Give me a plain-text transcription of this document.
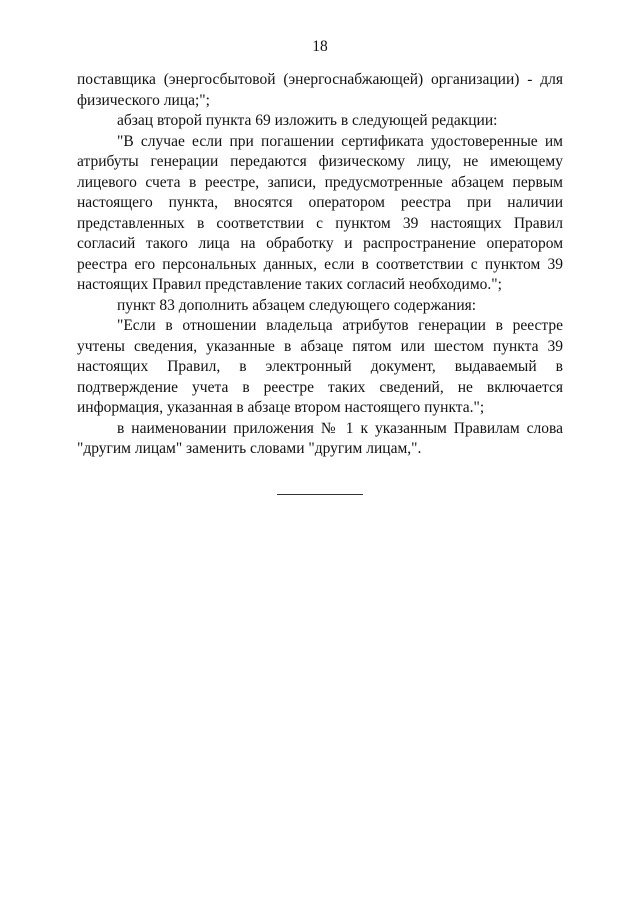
18

поставщика (энергосбытовой (энергоснабжающей) организации) - для физического лица;";

абзац второй пункта 69 изложить в следующей редакции:

"В случае если при погашении сертификата удостоверенные им атрибуты генерации передаются физическому лицу, не имеющему лицевого счета в реестре, записи, предусмотренные абзацем первым настоящего пункта, вносятся оператором реестра при наличии представленных в соответствии с пунктом 39 настоящих Правил согласий такого лица на обработку и распространение оператором реестра его персональных данных, если в соответствии с пунктом 39 настоящих Правил представление таких согласий необходимо.";

пункт 83 дополнить абзацем следующего содержания:

"Если в отношении владельца атрибутов генерации в реестре учтены сведения, указанные в абзаце пятом или шестом пункта 39 настоящих Правил, в электронный документ, выдаваемый в подтверждение учета в реестре таких сведений, не включается информация, указанная в абзаце втором настоящего пункта.";

в наименовании приложения № 1 к указанным Правилам слова "другим лицам" заменить словами "другим лицам,".
